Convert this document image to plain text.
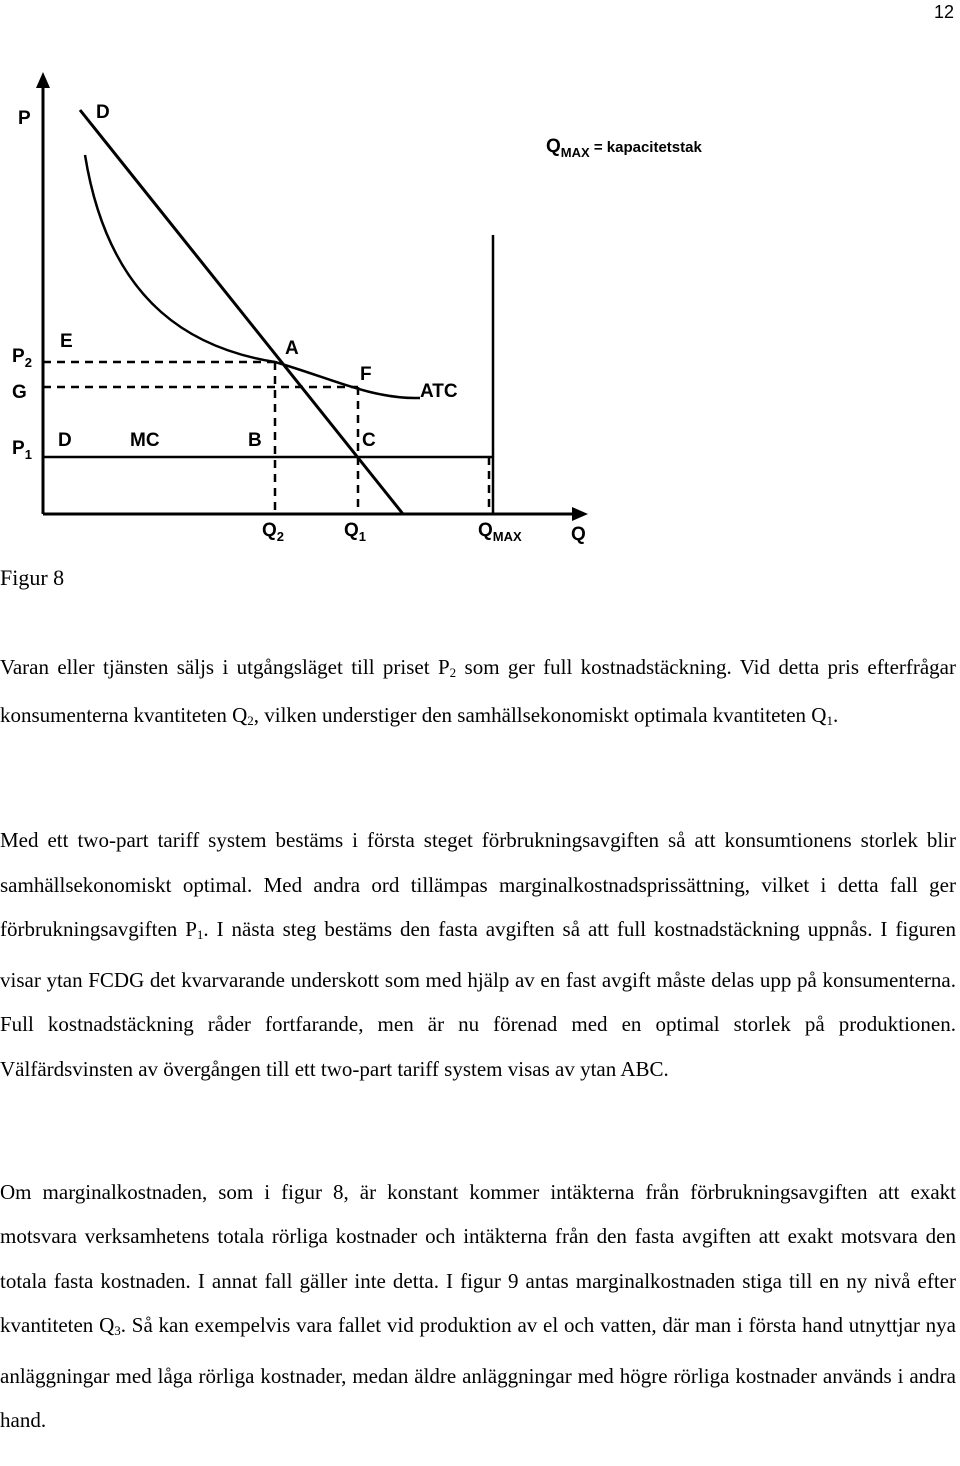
12
P	D
$Q_{MAX}$ $^{= kapacitetstak}$
$P_2$
E	A
G
F
ATC
$P_1$
D	MC	B	C
$Q_2$	$Q_1$	$Q_{MAX}$	Q
Figur 8

Varan eller tjänsten säljs i utgångsläget till priset $P_2$ som ger full kostnadstäckning. Vid detta pris efterfrågar konsumenterna kvantiteten $Q_2$, vilken understiger den samhällsekonomiskt optimala kvantiteten $Q_1$.

Med ett two-part tariff system bestäms i första steget förbrukningsavgiften så att konsumtionens storlek blir samhällsekonomiskt optimal. Med andra ord tillämpas marginalkostnadsprissättning, vilket i detta fall ger förbrukningsavgiften $P_1$. I nästa steg bestäms den fasta avgiften så att full kostnadstäckning uppnås. I figuren visar ytan FCDG det kvarvarande underskott som med hjälp av en fast avgift måste delas upp på konsumenterna. Full kostnadstäckning råder fortfarande, men är nu förenad med en optimal storlek på produktionen. Välfärdsvinsten av övergången till ett two-part tariff system visas av ytan ABC.

Om marginalkostnaden, som i figur 8, är konstant kommer intäkterna från förbrukningsavgiften att exakt motsvara verksamhetens totala rörliga kostnader och intäkterna från den fasta avgiften att exakt motsvara den totala fasta kostnaden. I annat fall gäller inte detta. I figur 9 antas marginalkostnaden stiga till en ny nivå efter kvantiteten $Q_3$. Så kan exempelvis vara fallet vid produktion av el och vatten, där man i första hand utnyttjar nya anläggningar med låga rörliga kostnader, medan äldre anläggningar med högre rörliga kostnader används i andra hand.
